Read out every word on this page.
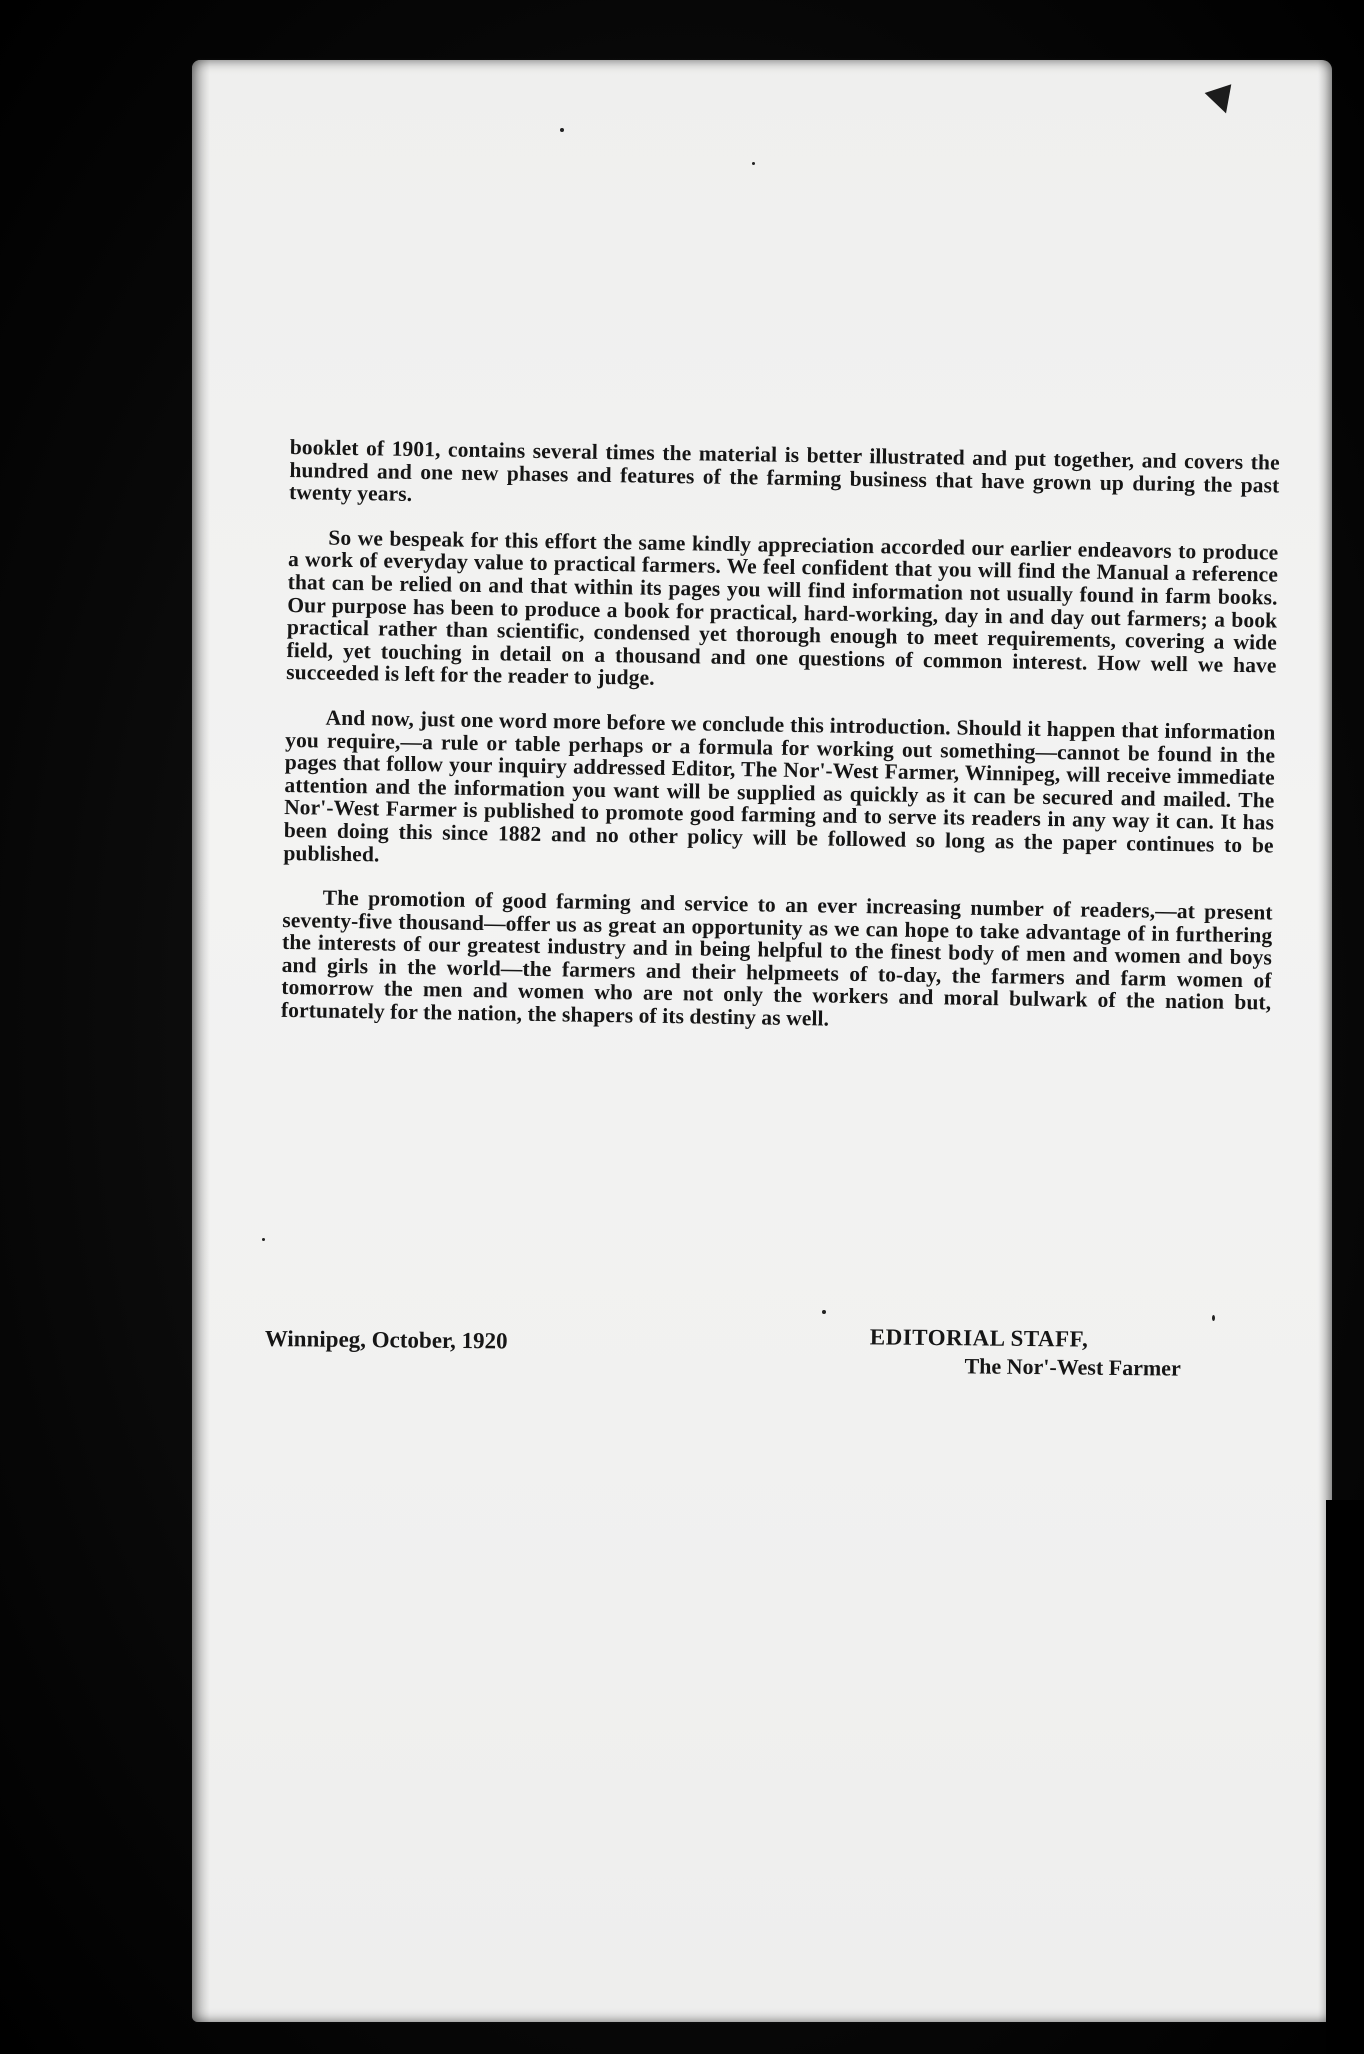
booklet of 1901, contains several times the material is better illustrated and put together, and covers the hundred and one new phases and features of the farming business that have grown up during the past twenty years.

So we bespeak for this effort the same kindly appreciation accorded our earlier endeavors to produce a work of everyday value to practical farmers. We feel confident that you will find the Manual a reference that can be relied on and that within its pages you will find information not usually found in farm books. Our purpose has been to produce a book for practical, hard-working, day in and day out farmers; a book practical rather than scientific, condensed yet thorough enough to meet requirements, covering a wide field, yet touching in detail on a thousand and one questions of common interest. How well we have succeeded is left for the reader to judge.

And now, just one word more before we conclude this introduction. Should it happen that information you require,—a rule or table perhaps or a formula for working out something—cannot be found in the pages that follow your inquiry addressed Editor, The Nor'-West Farmer, Winnipeg, will receive immediate attention and the information you want will be supplied as quickly as it can be secured and mailed. The Nor'-West Farmer is published to promote good farming and to serve its readers in any way it can. It has been doing this since 1882 and no other policy will be followed so long as the paper continues to be published.

The promotion of good farming and service to an ever increasing number of readers,—at present seventy-five thousand—offer us as great an opportunity as we can hope to take advantage of in furthering the interests of our greatest industry and in being helpful to the finest body of men and women and boys and girls in the world—the farmers and their helpmeets of to-day, the farmers and farm women of tomorrow the men and women who are not only the workers and moral bulwark of the nation but, fortunately for the nation, the shapers of its destiny as well.

Winnipeg, October, 1920	EDITORIAL STAFF,
The Nor'-West Farmer
